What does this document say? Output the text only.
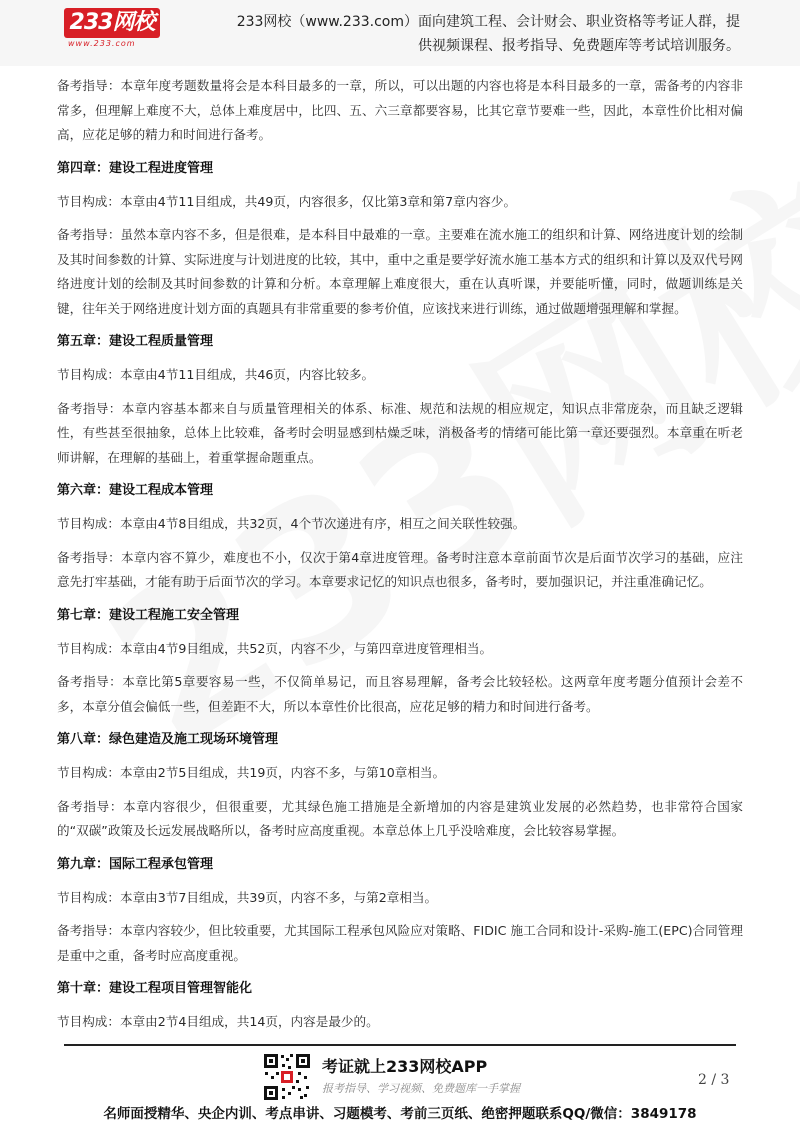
233网校
www.233.com
233网校（www.233.com）面向建筑工程、会计财会、职业资格等考证人群，提
供视频课程、报考指导、免费题库等考试培训服务。

备考指导：本章年度考题数量将会是本科目最多的一章，所以，可以出题的内容也将是本科目最多的一章，需备考的内容非常多，但理解上难度不大，总体上难度居中，比四、五、六三章都要容易，比其它章节要难一些，因此，本章性价比相对偏高，应花足够的精力和时间进行备考。

第四章：建设工程进度管理

节目构成：本章由4节11目组成，共49页，内容很多，仅比第3章和第7章内容少。

备考指导：虽然本章内容不多，但是很难，是本科目中最难的一章。主要难在流水施工的组织和计算、网络进度计划的绘制及其时间参数的计算、实际进度与计划进度的比较，其中，重中之重是要学好流水施工基本方式的组织和计算以及双代号网络进度计划的绘制及其时间参数的计算和分析。本章理解上难度很大，重在认真听课，并要能听懂，同时，做题训练是关键，往年关于网络进度计划方面的真题具有非常重要的参考价值，应该找来进行训练，通过做题增强理解和掌握。

第五章：建设工程质量管理

节目构成：本章由4节11目组成，共46页，内容比较多。

备考指导：本章内容基本都来自与质量管理相关的体系、标准、规范和法规的相应规定，知识点非常庞杂，而且缺乏逻辑性，有些甚至很抽象，总体上比较难，备考时会明显感到枯燥乏味，消极备考的情绪可能比第一章还要强烈。本章重在听老师讲解，在理解的基础上，着重掌握命题重点。

第六章：建设工程成本管理

节目构成：本章由4节8目组成，共32页，4个节次递进有序，相互之间关联性较强。

备考指导：本章内容不算少，难度也不小，仅次于第4章进度管理。备考时注意本章前面节次是后面节次学习的基础，应注意先打牢基础，才能有助于后面节次的学习。本章要求记忆的知识点也很多，备考时，要加强识记，并注重准确记忆。

第七章：建设工程施工安全管理

节目构成：本章由4节9目组成，共52页，内容不少，与第四章进度管理相当。

备考指导：本章比第5章要容易一些，不仅简单易记，而且容易理解，备考会比较轻松。这两章年度考题分值预计会差不多，本章分值会偏低一些，但差距不大，所以本章性价比很高，应花足够的精力和时间进行备考。

第八章：绿色建造及施工现场环境管理

节目构成：本章由2节5目组成，共19页，内容不多，与第10章相当。

备考指导：本章内容很少，但很重要，尤其绿色施工措施是全新增加的内容是建筑业发展的必然趋势，也非常符合国家的“双碳”政策及长远发展战略所以，备考时应高度重视。本章总体上几乎没啥难度，会比较容易掌握。

第九章：国际工程承包管理

节目构成：本章由3节7目组成，共39页，内容不多，与第2章相当。

备考指导：本章内容较少，但比较重要，尤其国际工程承包风险应对策略、FIDIC 施工合同和设计-采购-施工(EPC)合同管理是重中之重，备考时应高度重视。

第十章：建设工程项目管理智能化

节目构成：本章由2节4目组成，共14页，内容是最少的。

考证就上233网校APP
报考指导、学习视频、免费题库一手掌握
2 / 3
名师面授精华、央企内训、考点串讲、习题模考、考前三页纸、绝密押题联系QQ/微信：3849178
